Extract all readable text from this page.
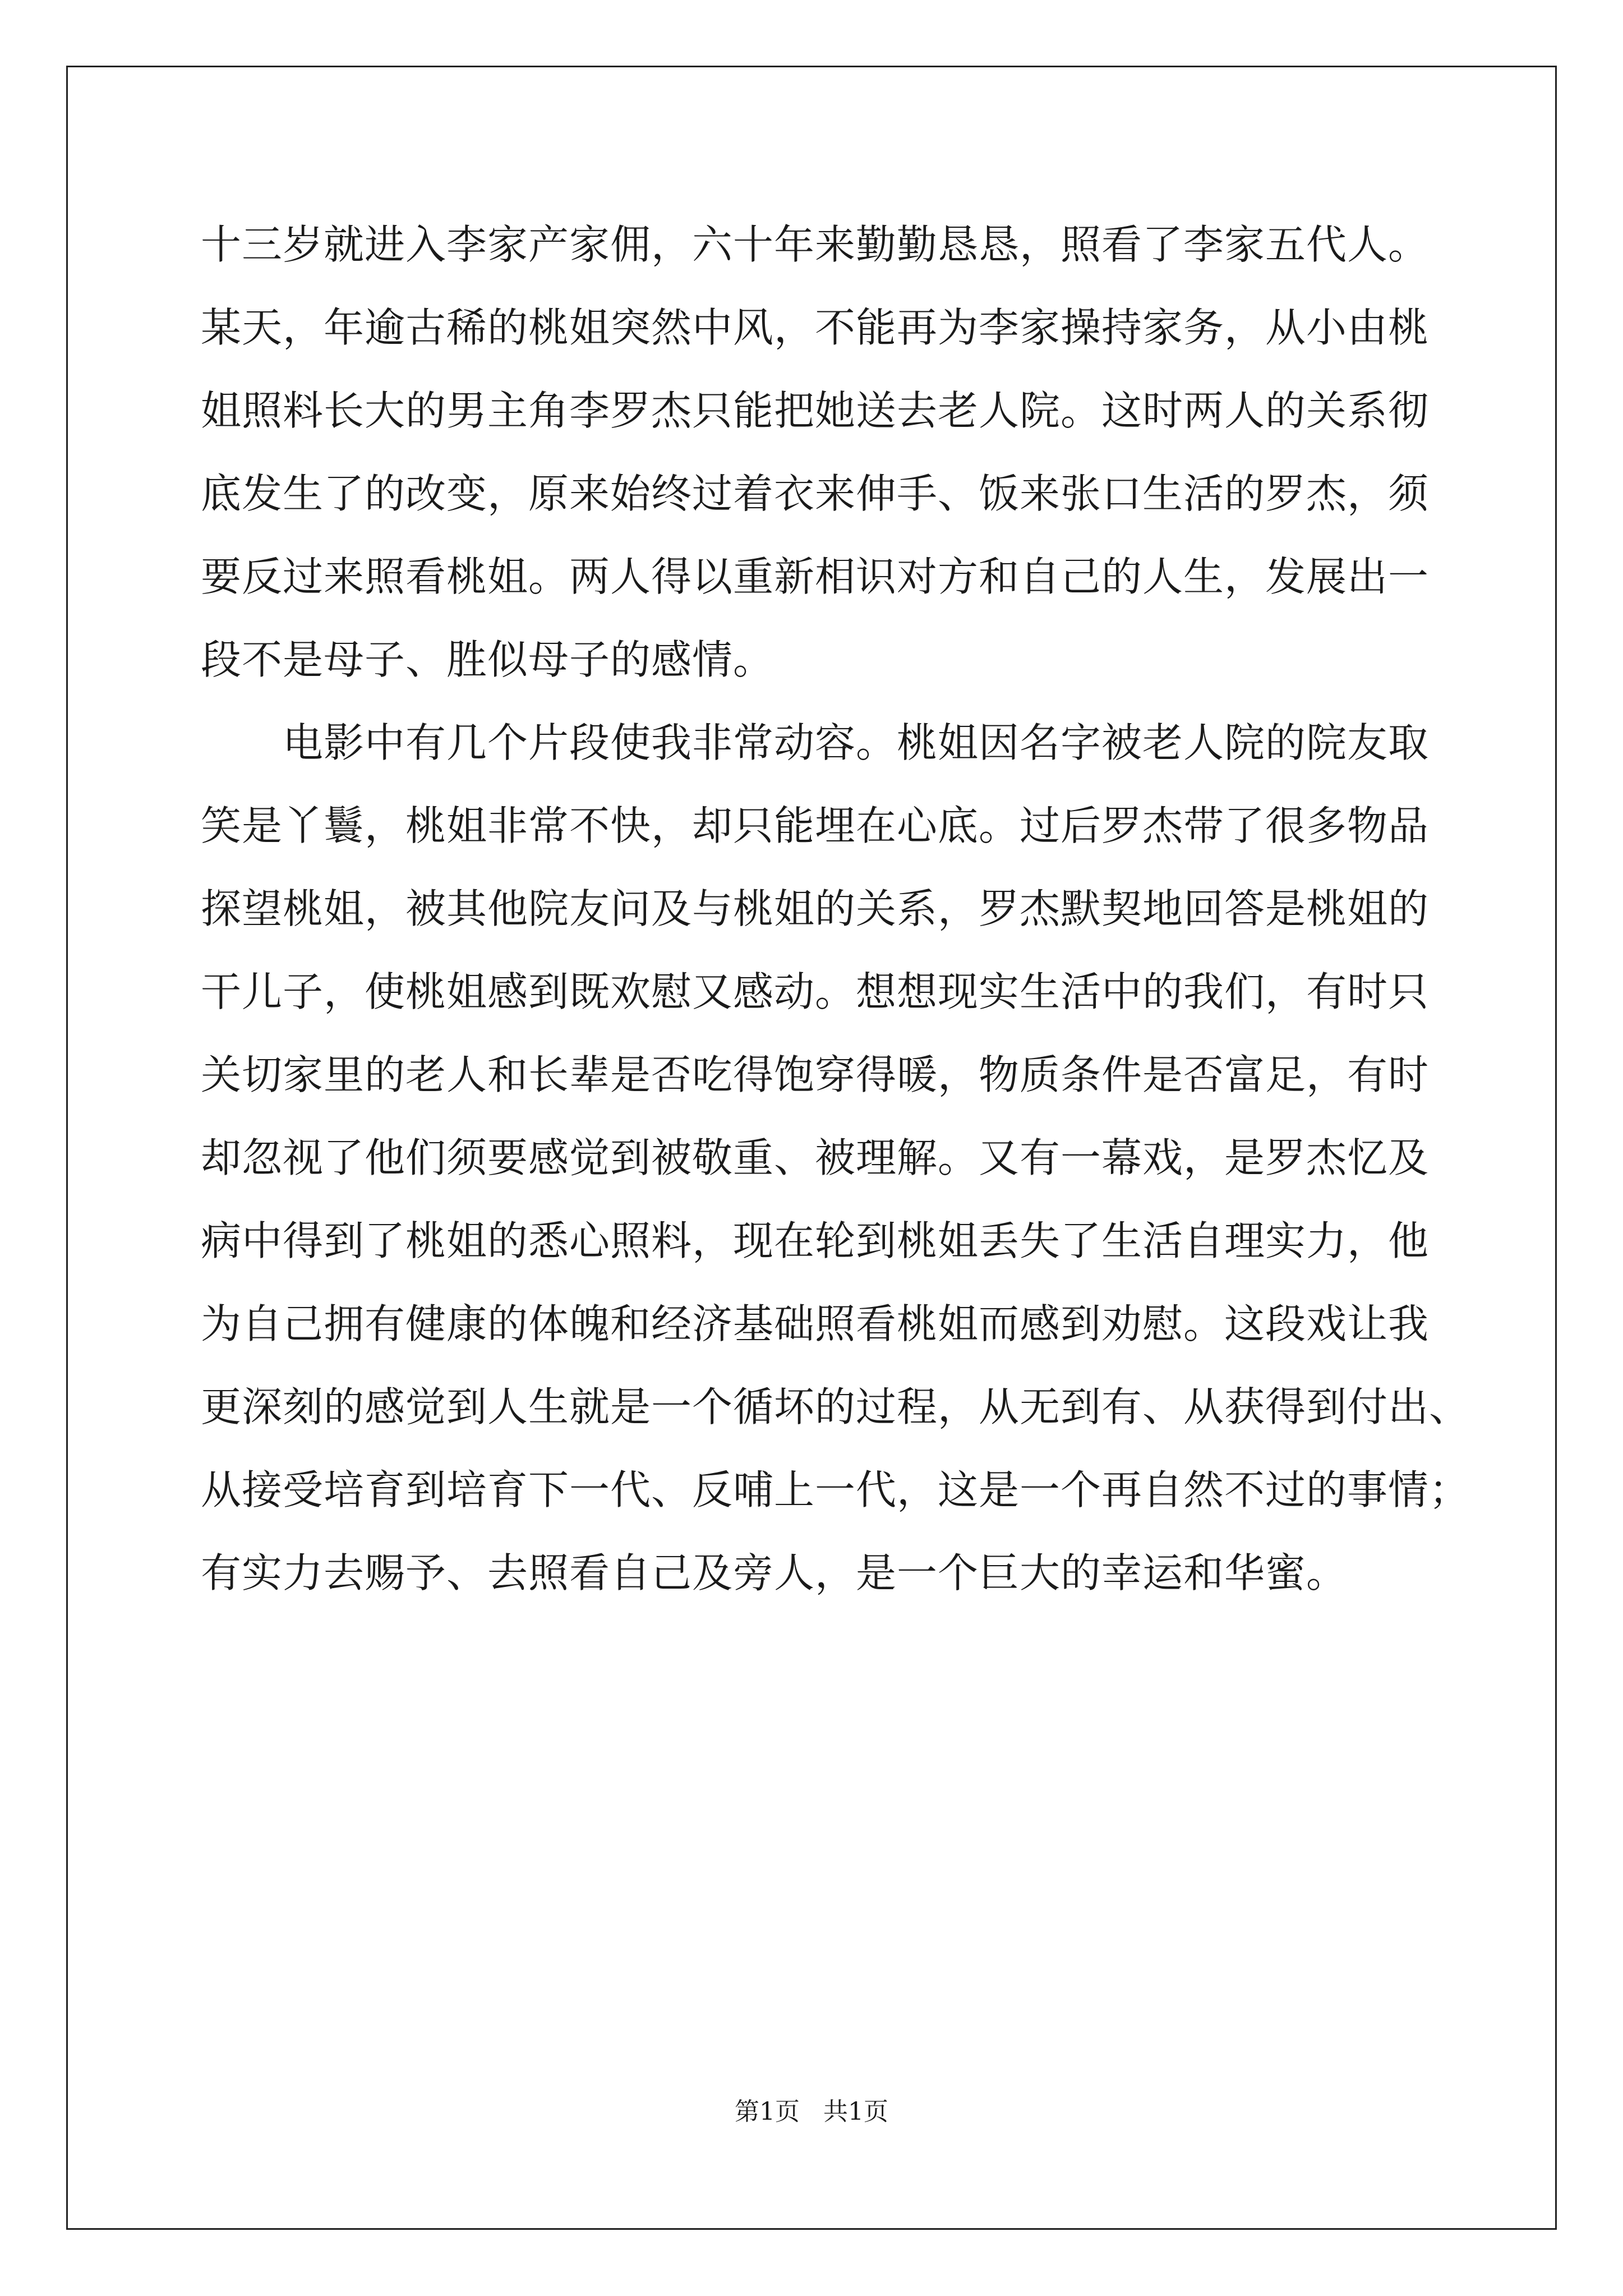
十三岁就进入李家产家佣，六十年来勤勤恳恳，照看了李家五代人。
某天，年逾古稀的桃姐突然中风，不能再为李家操持家务，从小由桃
姐照料长大的男主角李罗杰只能把她送去老人院。这时两人的关系彻
底发生了的改变，原来始终过着衣来伸手、饭来张口生活的罗杰，须
要反过来照看桃姐。两人得以重新相识对方和自己的人生，发展出一
段不是母子、胜似母子的感情。
电影中有几个片段使我非常动容。桃姐因名字被老人院的院友取
笑是丫鬟，桃姐非常不快，却只能埋在心底。过后罗杰带了很多物品
探望桃姐，被其他院友问及与桃姐的关系，罗杰默契地回答是桃姐的
干儿子，使桃姐感到既欢慰又感动。想想现实生活中的我们，有时只
关切家里的老人和长辈是否吃得饱穿得暖，物质条件是否富足，有时
却忽视了他们须要感觉到被敬重、被理解。又有一幕戏，是罗杰忆及
病中得到了桃姐的悉心照料，现在轮到桃姐丢失了生活自理实力，他
为自己拥有健康的体魄和经济基础照看桃姐而感到劝慰。这段戏让我
更深刻的感觉到人生就是一个循坏的过程，从无到有、从获得到付出、
从接受培育到培育下一代、反哺上一代，这是一个再自然不过的事情；
有实力去赐予、去照看自己及旁人，是一个巨大的幸运和华蜜。
第1页   共1页
